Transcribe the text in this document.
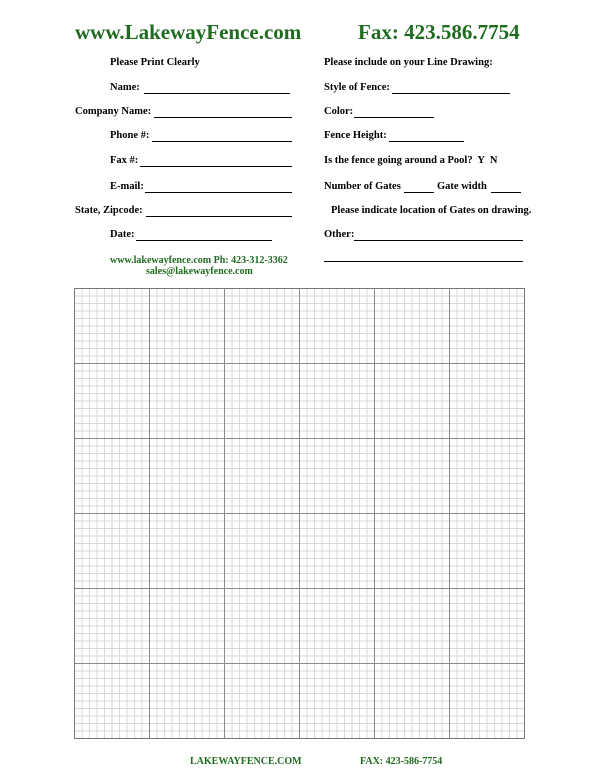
www.LakewayFence.com	Fax: 423.586.7754
Please Print Clearly
Name:
Company Name:
Phone #:
Fax #:
E-mail:
State, Zipcode:
Date:
www.lakewayfence.com Ph: 423-312-3362
sales@lakewayfence.com
Please include on your Line Drawing:
Style of Fence:
Color:
Fence Height:
Is the fence going around a Pool?  Y  N
Number of Gates	Gate width
Please indicate location of Gates on drawing.
Other:
LAKEWAYFENCE.COM	FAX: 423-586-7754
